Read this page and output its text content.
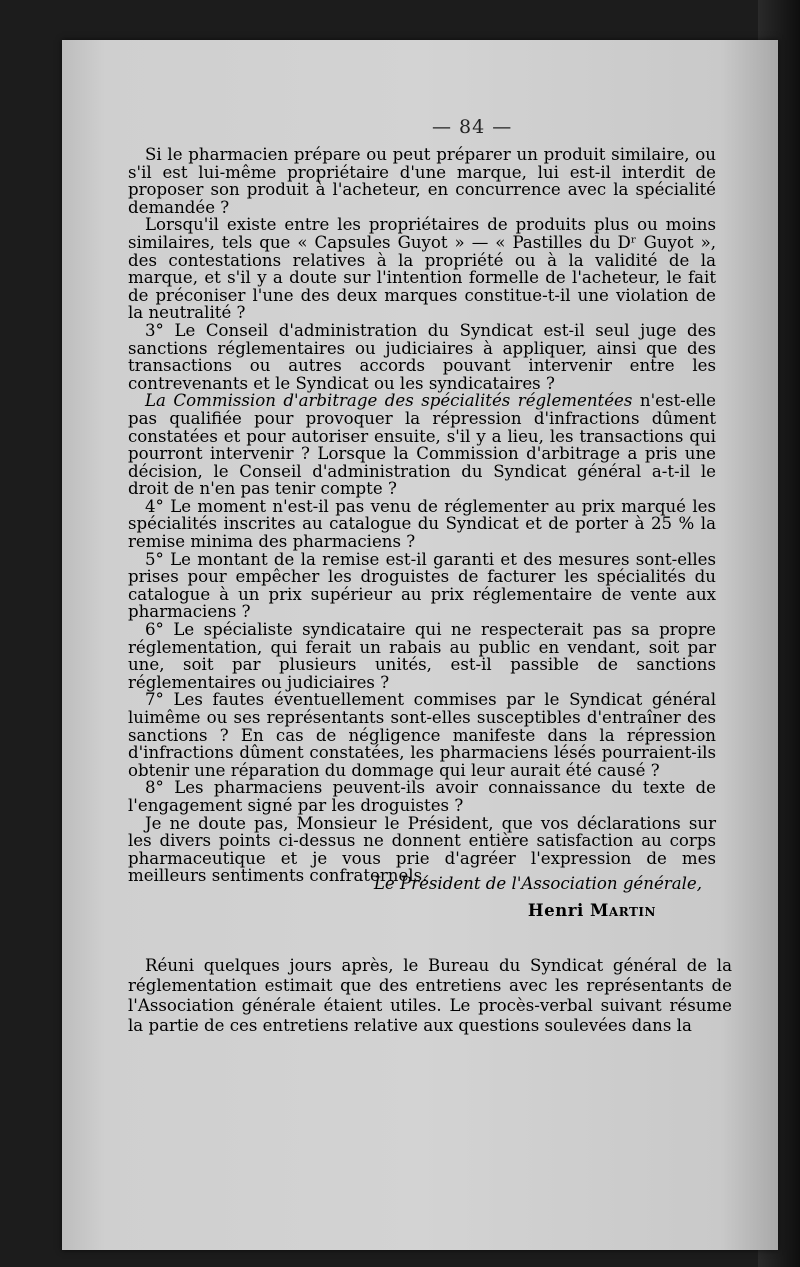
— 84 —

Si le pharmacien prépare ou peut préparer un produit similaire, ou s'il est lui-même propriétaire d'une marque, lui est-il interdit de proposer son produit à l'acheteur, en concurrence avec la spécialité demandée ?

Lorsqu'il existe entre les propriétaires de produits plus ou moins similaires, tels que « Capsules Guyot » — « Pastilles du Dʳ Guyot », des contestations relatives à la propriété ou à la validité de la marque, et s'il y a doute sur l'intention formelle de l'acheteur, le fait de préconiser l'une des deux marques constitue-t-il une violation de la neutralité ?

3° Le Conseil d'administration du Syndicat est-il seul juge des sanctions réglementaires ou judiciaires à appliquer, ainsi que des transactions ou autres accords pouvant intervenir entre les contrevenants et le Syndicat ou les syndicataires ?

La Commission d'arbitrage des spécialités réglementées n'est-elle pas qualifiée pour provoquer la répression d'infractions dûment constatées et pour autoriser ensuite, s'il y a lieu, les transactions qui pourront intervenir ? Lorsque la Commission d'arbitrage a pris une décision, le Conseil d'administration du Syndicat général a-t-il le droit de n'en pas tenir compte ?

4° Le moment n'est-il pas venu de réglementer au prix marqué les spécialités inscrites au catalogue du Syndicat et de porter à 25 % la remise minima des pharmaciens ?

5° Le montant de la remise est-il garanti et des mesures sont-elles prises pour empêcher les droguistes de facturer les spécialités du catalogue à un prix supérieur au prix réglementaire de vente aux pharmaciens ?

6° Le spécialiste syndicataire qui ne respecterait pas sa propre réglementation, qui ferait un rabais au public en vendant, soit par une, soit par plusieurs unités, est-il passible de sanctions réglementaires ou judiciaires ?

7° Les fautes éventuellement commises par le Syndicat général luimême ou ses représentants sont-elles susceptibles d'entraîner des sanctions ? En cas de négligence manifeste dans la répression d'infractions dûment constatées, les pharmaciens lésés pourraient-ils obtenir une réparation du dommage qui leur aurait été causé ?

8° Les pharmaciens peuvent-ils avoir connaissance du texte de l'engagement signé par les droguistes ?

Je ne doute pas, Monsieur le Président, que vos déclarations sur les divers points ci-dessus ne donnent entière satisfaction au corps pharmaceutique et je vous prie d'agréer l'expression de mes meilleurs sentiments confraternels.

Le Président de l'Association générale,
Henri Martin

Réuni quelques jours après, le Bureau du Syndicat général de la réglementation estimait que des entretiens avec les représentants de l'Association générale étaient utiles. Le procès-verbal suivant résume la partie de ces entretiens relative aux questions soulevées dans la
